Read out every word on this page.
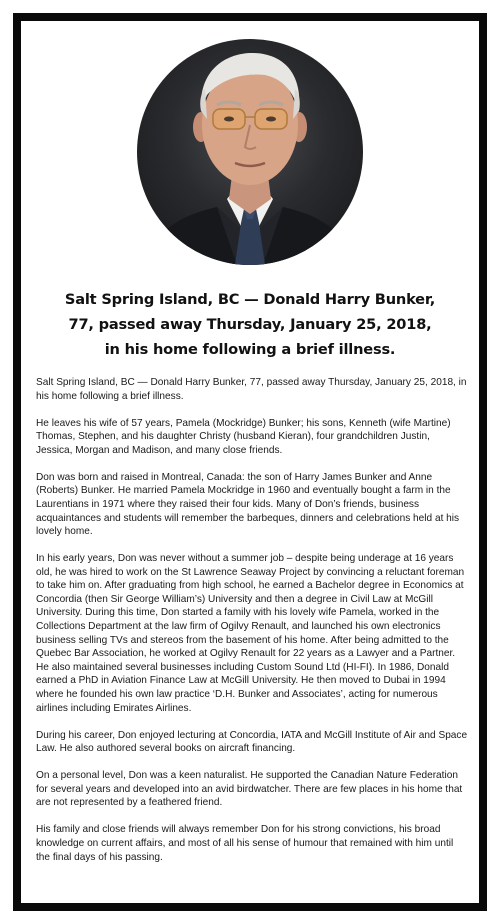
Salt Spring Island, BC — Donald Harry Bunker,
77, passed away Thursday, January 25, 2018,
in his home following a brief illness.

Salt Spring Island, BC — Donald Harry Bunker, 77, passed away Thursday, January 25, 2018, in his home following a brief illness.

He leaves his wife of 57 years, Pamela (Mockridge) Bunker; his sons, Kenneth (wife Martine) Thomas, Stephen, and his daughter Christy (husband Kieran), four grandchildren Justin, Jessica, Morgan and Madison, and many close friends.

Don was born and raised in Montreal, Canada: the son of Harry James Bunker and Anne (Roberts) Bunker. He married Pamela Mockridge in 1960 and eventually bought a farm in the Laurentians in 1971 where they raised their four kids. Many of Don’s friends, business acquaintances and students will remember the barbeques, dinners and celebrations held at his lovely home.

In his early years, Don was never without a summer job – despite being underage at 16 years old, he was hired to work on the St Lawrence Seaway Project by convincing a reluctant foreman to take him on. After graduating from high school, he earned a Bachelor degree in Economics at Concordia (then Sir George William’s) University and then a degree in Civil Law at McGill University. During this time, Don started a family with his lovely wife Pamela, worked in the Collections Department at the law firm of Ogilvy Renault, and launched his own electronics business selling TVs and stereos from the basement of his home. After being admitted to the Quebec Bar Association, he worked at Ogilvy Renault for 22 years as a Lawyer and a Partner. He also maintained several businesses including Custom Sound Ltd (HI-FI). In 1986, Donald earned a PhD in Aviation Finance Law at McGill University. He then moved to Dubai in 1994 where he founded his own law practice ‘D.H. Bunker and Associates’, acting for numerous airlines including Emirates Airlines.

During his career, Don enjoyed lecturing at Concordia, IATA and McGill Institute of Air and Space Law. He also authored several books on aircraft financing.

On a personal level, Don was a keen naturalist. He supported the Canadian Nature Federation for several years and developed into an avid birdwatcher. There are few places in his home that are not represented by a feathered friend.

His family and close friends will always remember Don for his strong convictions, his broad knowledge on current affairs, and most of all his sense of humour that remained with him until the final days of his passing.
